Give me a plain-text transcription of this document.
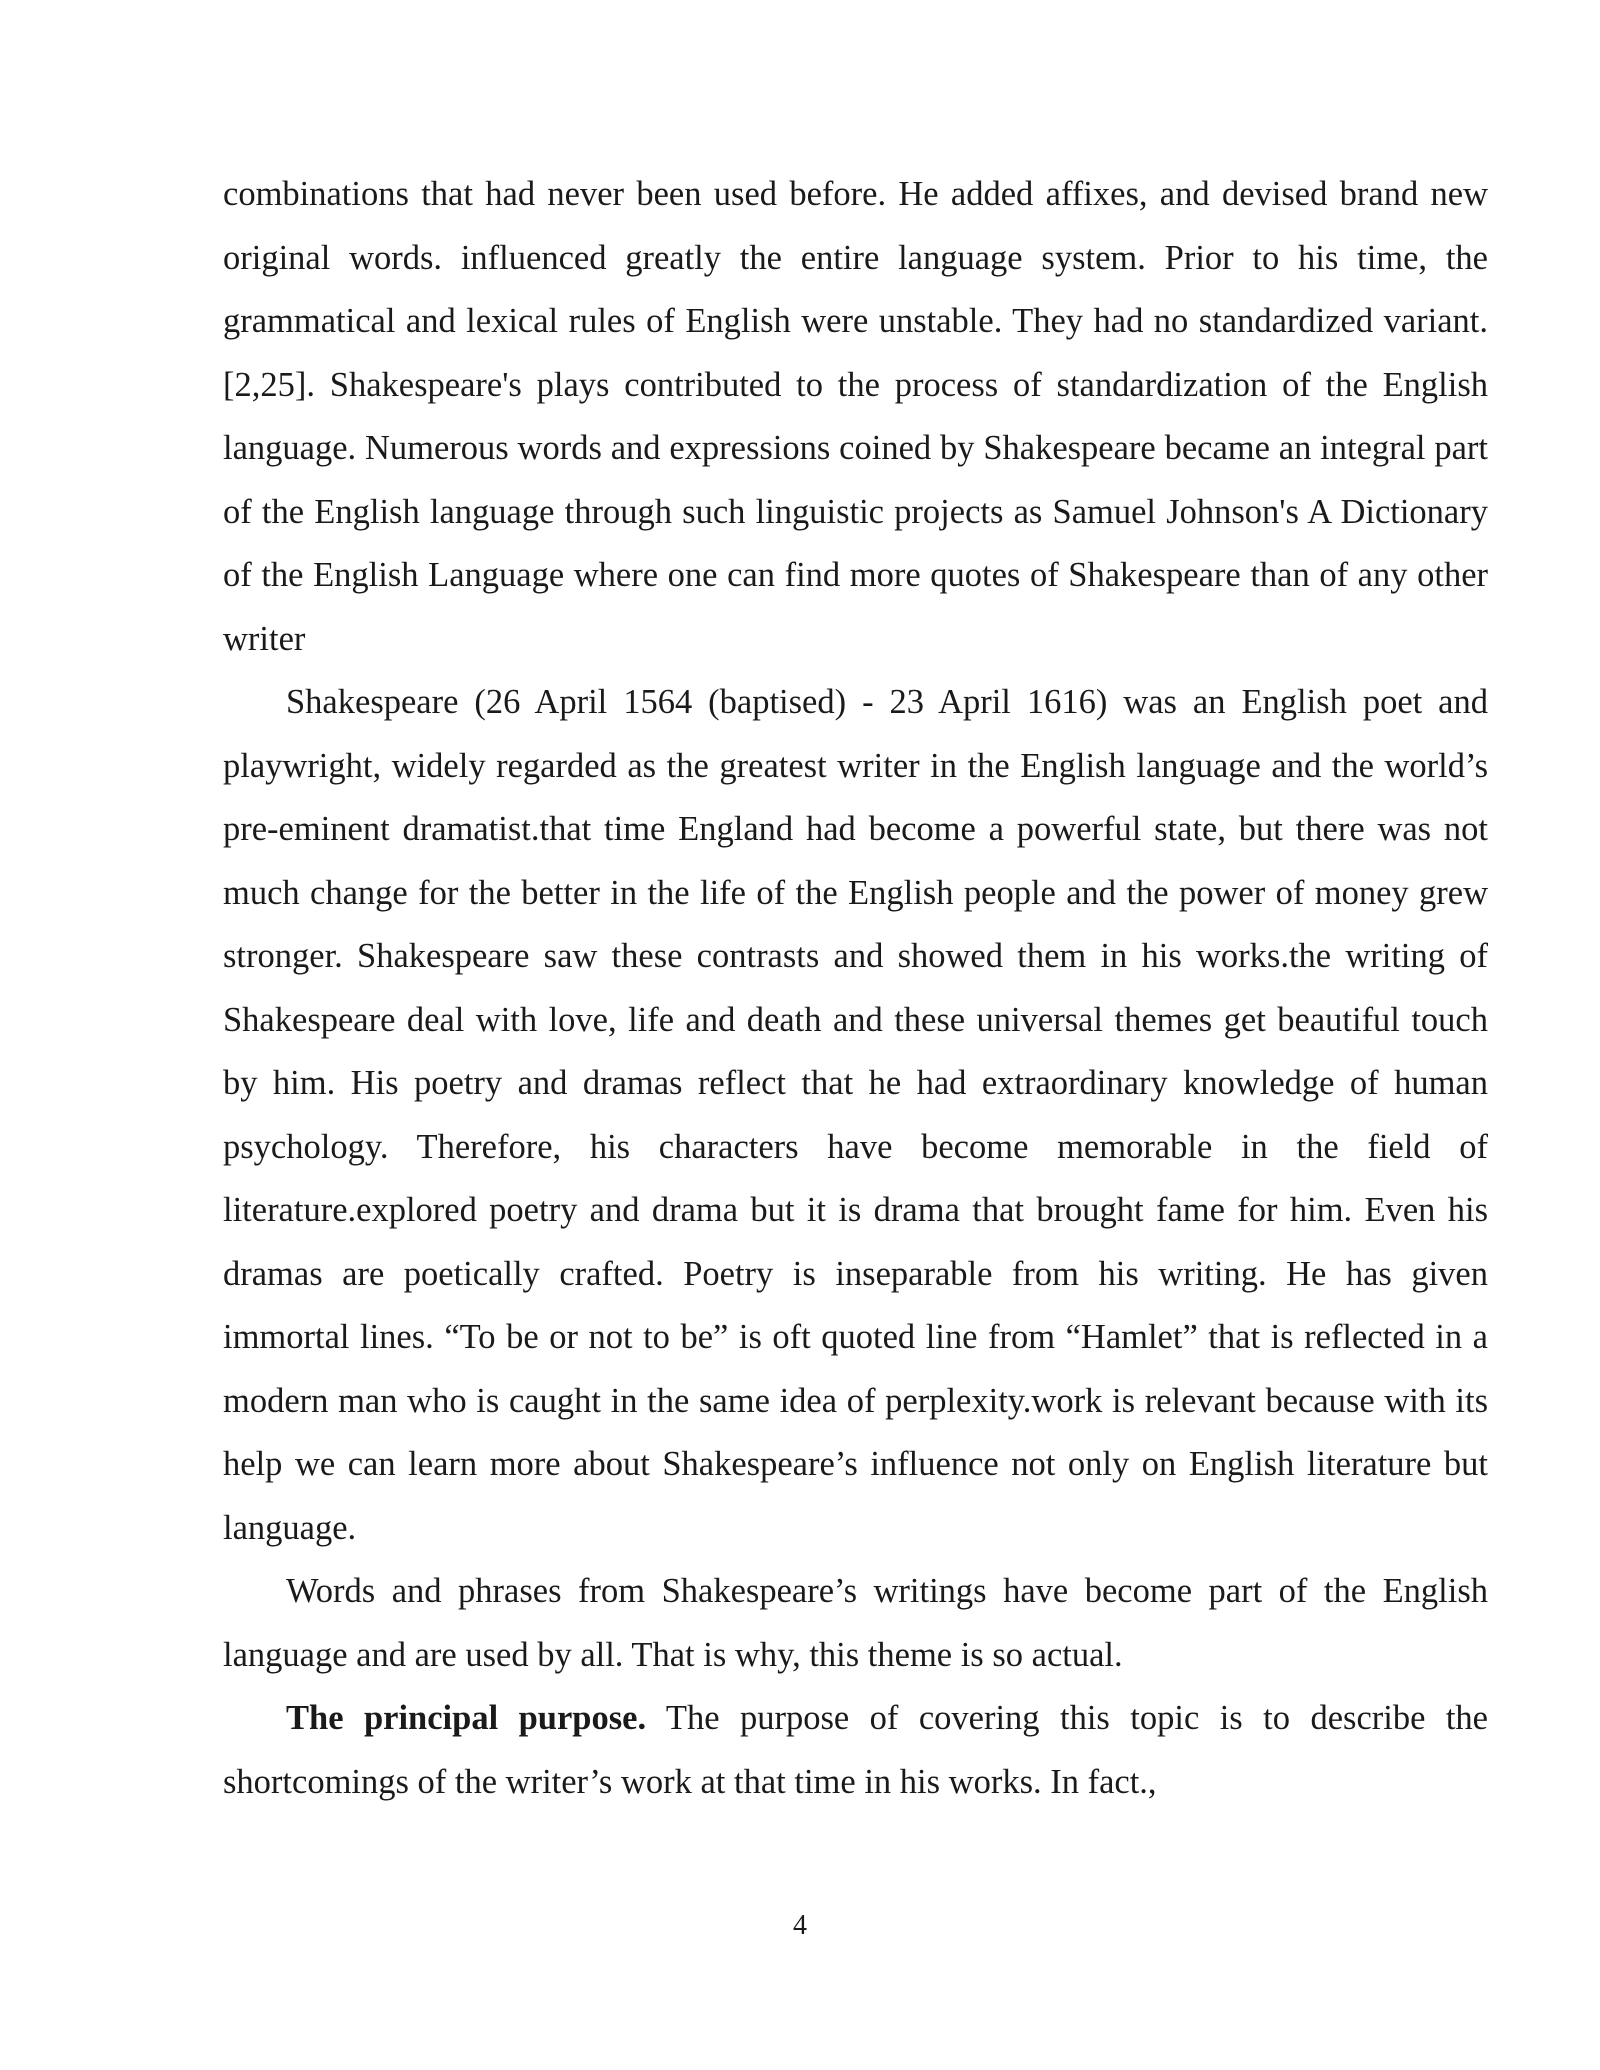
combinations that had never been used before. He added affixes, and devised brand new original words. influenced greatly the entire language system. Prior to his time, the grammatical and lexical rules of English were unstable. They had no standardized variant. [2,25]. Shakespeare's plays contributed to the process of standardization of the English language. Numerous words and expressions coined by Shakespeare became an integral part of the English language through such linguistic projects as Samuel Johnson's A Dictionary of the English Language where one can find more quotes of Shakespeare than of any other writer

Shakespeare (26 April 1564 (baptised) - 23 April 1616) was an English poet and playwright, widely regarded as the greatest writer in the English language and the world’s pre-eminent dramatist.that time England had become a powerful state, but there was not much change for the better in the life of the English people and the power of money grew stronger. Shakespeare saw these contrasts and showed them in his works.the writing of Shakespeare deal with love, life and death and these universal themes get beautiful touch by him. His poetry and dramas reflect that he had extraordinary knowledge of human psychology. Therefore, his characters have become memorable in the field of literature.explored poetry and drama but it is drama that brought fame for him. Even his dramas are poetically crafted. Poetry is inseparable from his writing. He has given immortal lines. “To be or not to be” is oft quoted line from “Hamlet” that is reflected in a modern man who is caught in the same idea of perplexity.work is relevant because with its help we can learn more about Shakespeare’s influence not only on English literature but language.

Words and phrases from Shakespeare’s writings have become part of the English language and are used by all. That is why, this theme is so actual.

The principal purpose. The purpose of covering this topic is to describe the shortcomings of the writer’s work at that time in his works. In fact.,

4
